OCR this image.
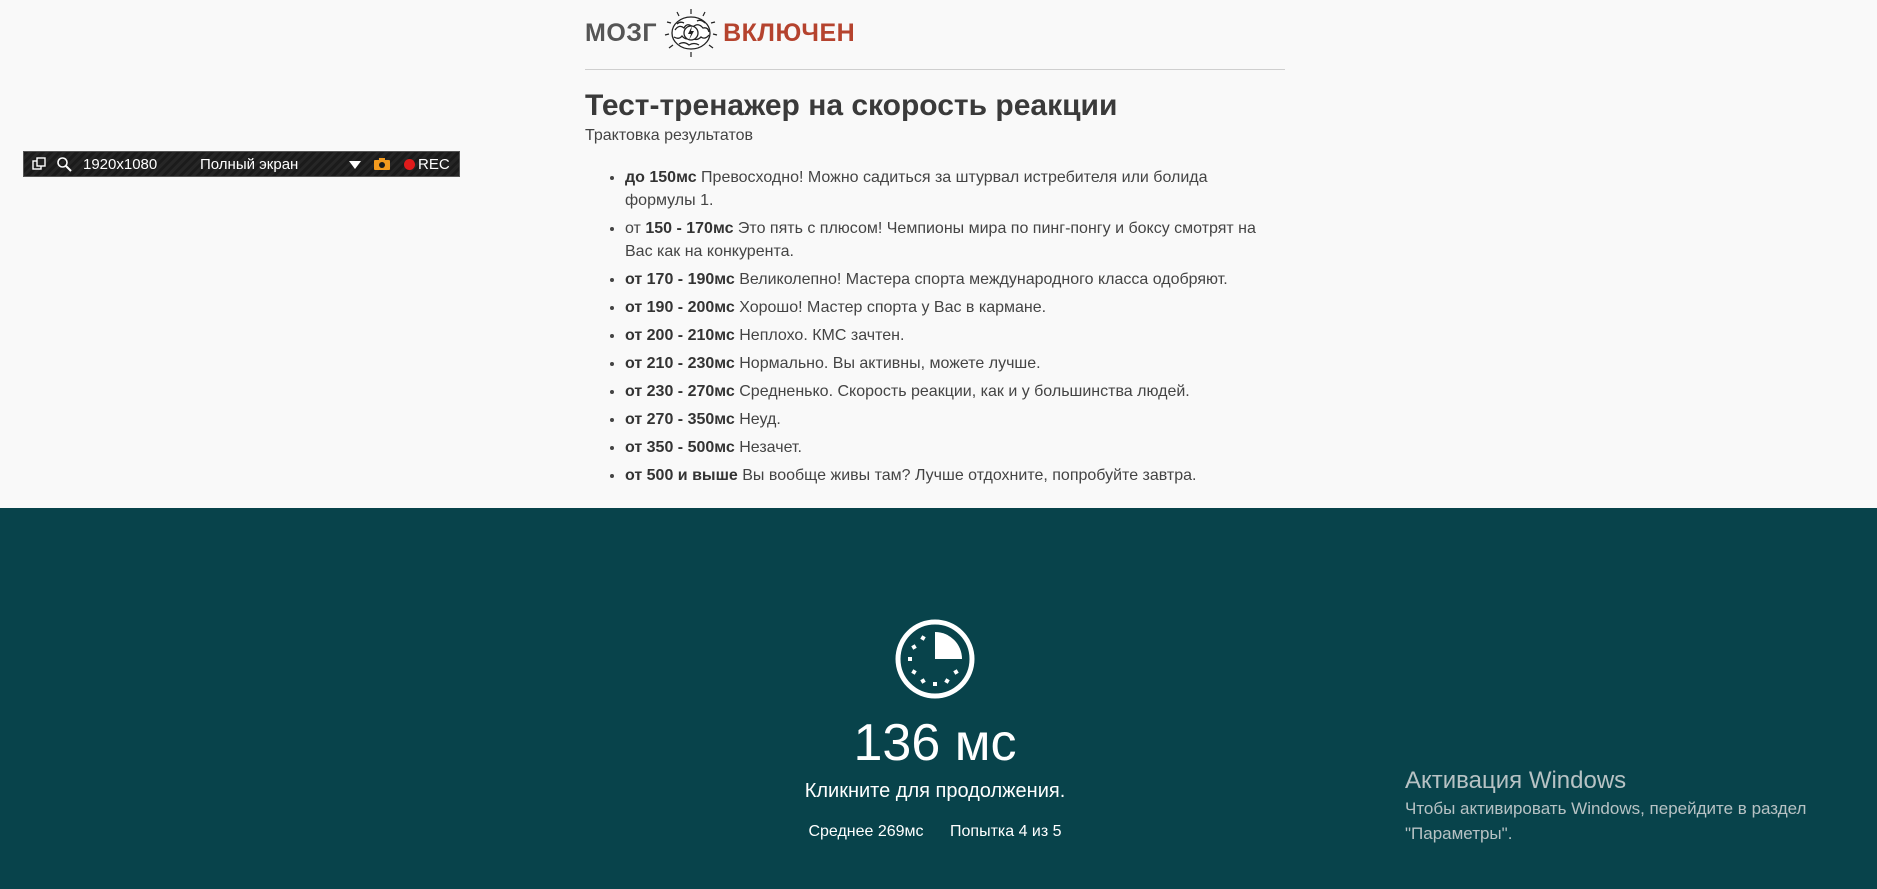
МОЗГ	ВКЛЮЧЕН
Тест-тренажер на скорость реакции
Трактовка результатов
• до 150мс Превосходно! Можно садиться за штурвал истребителя или болида формулы 1.
• от 150 - 170мс Это пять с плюсом! Чемпионы мира по пинг-понгу и боксу смотрят на Вас как на конкурента.
• от 170 - 190мс Великолепно! Мастера спорта международного класса одобряют.
• от 190 - 200мс Хорошо! Мастер спорта у Вас в кармане.
• от 200 - 210мс Неплохо. КМС зачтен.
• от 210 - 230мс Нормально. Вы активны, можете лучше.
• от 230 - 270мс Средненько. Скорость реакции, как и у большинства людей.
• от 270 - 350мс Неуд.
• от 350 - 500мс Незачет.
• от 500 и выше Вы вообще живы там? Лучше отдохните, попробуйте завтра.
1920x1080	Полный экран	REC
136 мс
Кликните для продолжения.
Среднее 269мс Попытка 4 из 5
Активация Windows
Чтобы активировать Windows, перейдите в раздел "Параметры".
